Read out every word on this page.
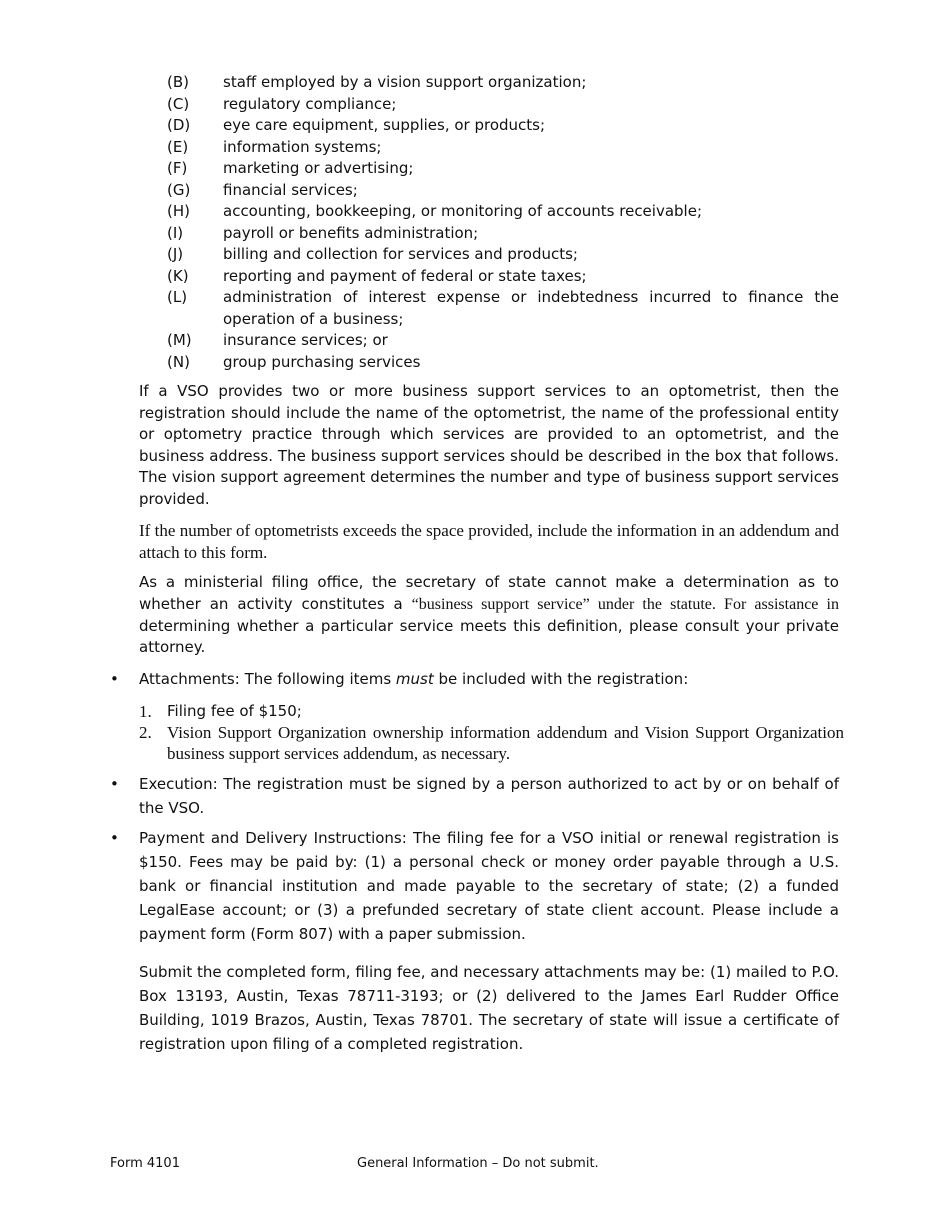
(B)	staff employed by a vision support organization;
(C)	regulatory compliance;
(D)	eye care equipment, supplies, or products;
(E)	information systems;
(F)	marketing or advertising;
(G)	financial services;
(H)	accounting, bookkeeping, or monitoring of accounts receivable;
(I)	payroll or benefits administration;
(J)	billing and collection for services and products;
(K)	reporting and payment of federal or state taxes;
(L)	administration of interest expense or indebtedness incurred to finance the operation of a business;
(M)	insurance services; or
(N)	group purchasing services
If a VSO provides two or more business support services to an optometrist, then the registration should include the name of the optometrist, the name of the professional entity or optometry practice through which services are provided to an optometrist, and the business address. The business support services should be described in the box that follows. The vision support agreement determines the number and type of business support services provided.
If the number of optometrists exceeds the space provided, include the information in an addendum and attach to this form.
As a ministerial filing office, the secretary of state cannot make a determination as to whether an activity constitutes a “business support service” under the statute. For assistance in determining whether a particular service meets this definition, please consult your private attorney.
•	Attachments: The following items must be included with the registration:
1.	Filing fee of $150;
2. Vision Support Organization ownership information addendum and Vision Support Organization business support services addendum, as necessary.
•	Execution: The registration must be signed by a person authorized to act by or on behalf of the VSO.
•	Payment and Delivery Instructions: The filing fee for a VSO initial or renewal registration is $150. Fees may be paid by: (1) a personal check or money order payable through a U.S. bank or financial institution and made payable to the secretary of state; (2) a funded LegalEase account; or (3) a prefunded secretary of state client account. Please include a payment form (Form 807) with a paper submission.
Submit the completed form, filing fee, and necessary attachments may be: (1) mailed to P.O. Box 13193, Austin, Texas 78711-3193; or (2) delivered to the James Earl Rudder Office Building, 1019 Brazos, Austin, Texas 78701. The secretary of state will issue a certificate of registration upon filing of a completed registration.
Form 4101	General Information – Do not submit.
